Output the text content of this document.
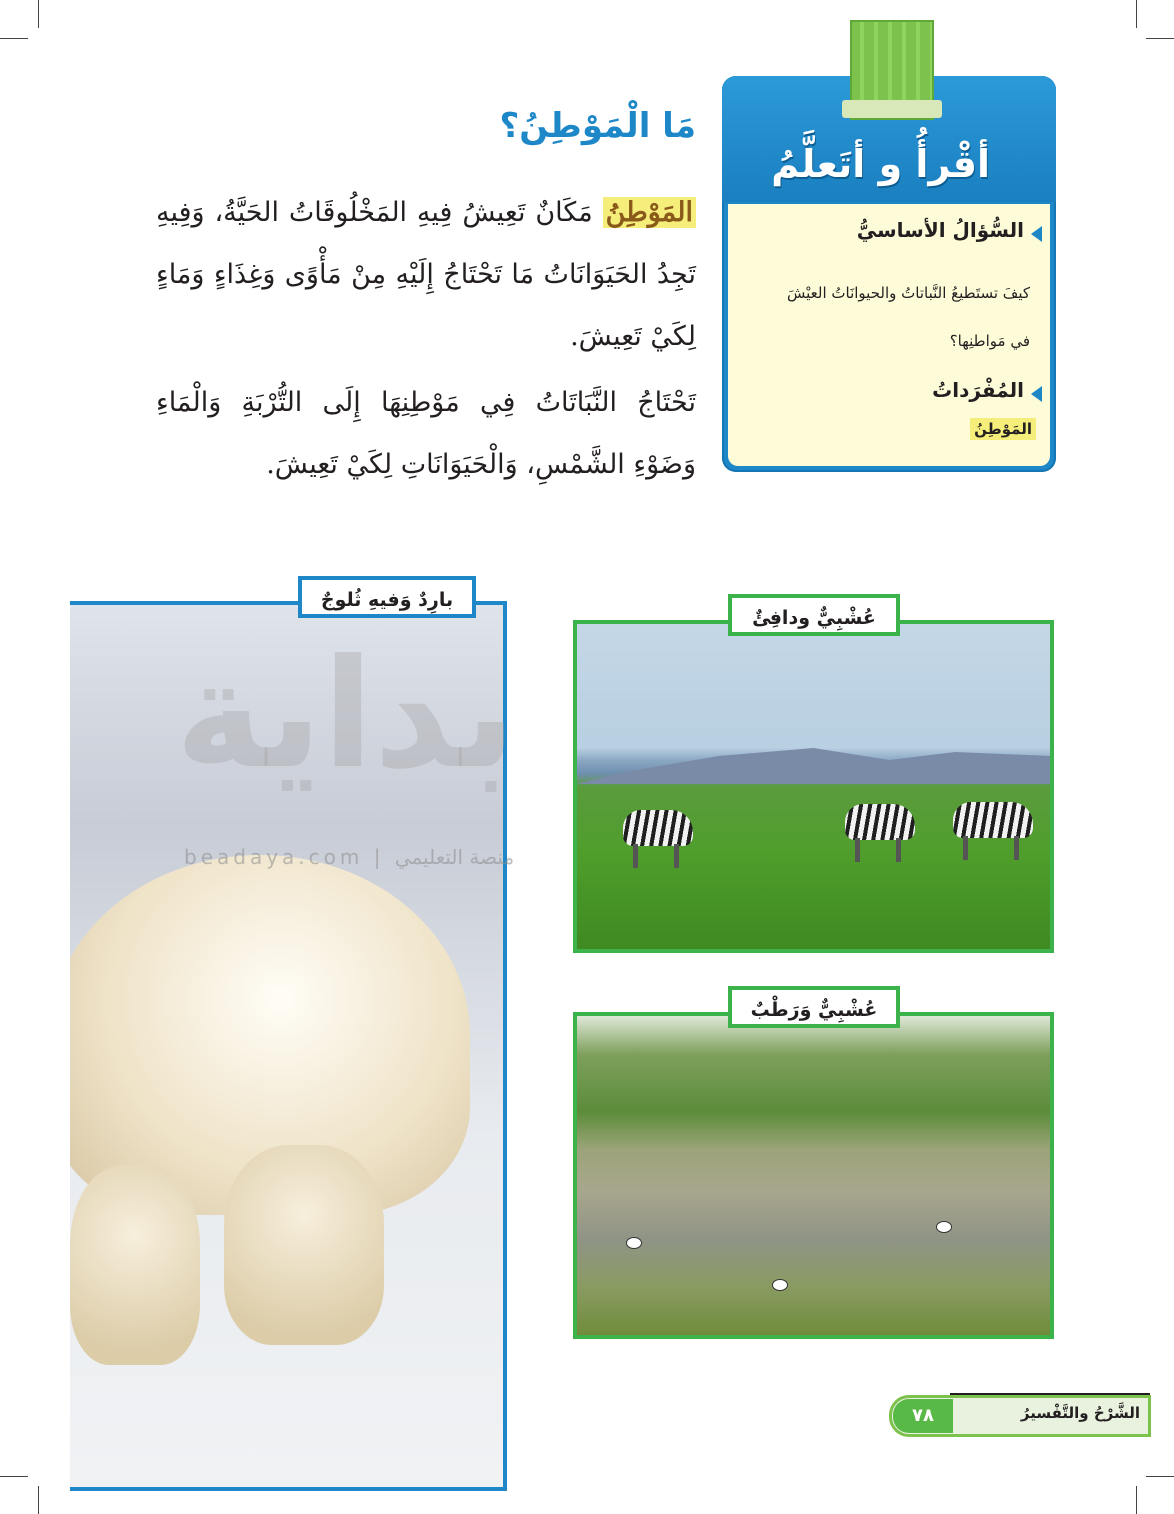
أقْرأُ و أتَعلَّمُ
السُّؤالُ الأساسيُّ
كيفَ تستَطيعُ النَّباتاتُ والحيوانَاتُ العيْشَ
في مَواطنِها؟
المُفْرَداتُ
المَوْطِنُ
مَا الْمَوْطِنُ؟
المَوْطِنُ مَكَانٌ تَعِيشُ فِيهِ المَخْلُوقَاتُ الحَيَّةُ، وَفِيهِ تَجِدُ الحَيَوَانَاتُ مَا تَحْتَاجُ إِلَيْهِ مِنْ مَأْوًى وَغِذَاءٍ وَمَاءٍ لِكَيْ تَعِيشَ.
تَحْتَاجُ النَّبَاتَاتُ فِي مَوْطِنِهَا إِلَى التُّرْبَةِ وَالْمَاءِ وَضَوْءِ الشَّمْسِ، وَالْحَيَوَانَاتِ لِكَيْ تَعِيشَ.
عُشْبِيٌّ ودافِئٌ
عُشْبِيٌّ وَرَطْبٌ
بارِدٌ وَفيهِ ثُلوجٌ
بداية
beadaya.com | منصة التعليمي
٧٨	الشَّرْحُ والتَّفْسيرُ
